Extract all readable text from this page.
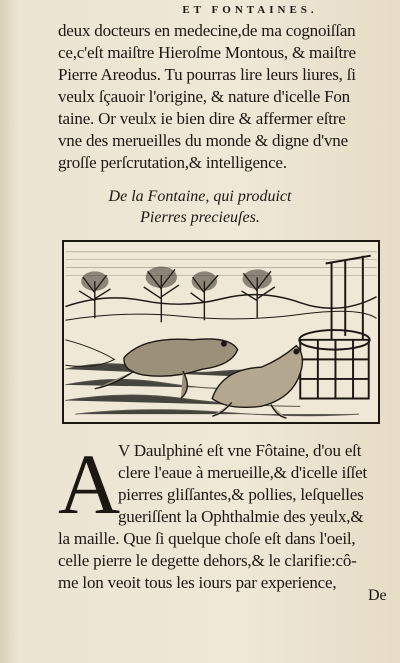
ET FONTAINES.
deux docteurs en medecine,de ma cognoiſſan
ce,c'eſt maiſtre Hieroſme Montous, & maiſtre
Pierre Areodus. Tu pourras lire leurs liures, ſi
veulx ſçauoir l'origine, & nature d'icelle Fon
taine. Or veulx ie bien dire & affermer eſtre
vne des merueilles du monde & digne d'vne
groſſe perſcrutation,& intelligence.
De la Fontaine, qui produict
Pierres precieuſes.
A
V Daulphiné eſt vne Fôtaine, d'ou eſt
clere l'eaue à merueille,& d'icelle iſſet
pierres gliſſantes,& pollies, leſquelles
gueriſſent la Ophthalmie des yeulx,&
la maille. Que ſi quelque choſe eſt dans l'oeil,
celle pierre le degette dehors,& le clarifie:cô-
me lon veoit tous les iours par experience,
De
